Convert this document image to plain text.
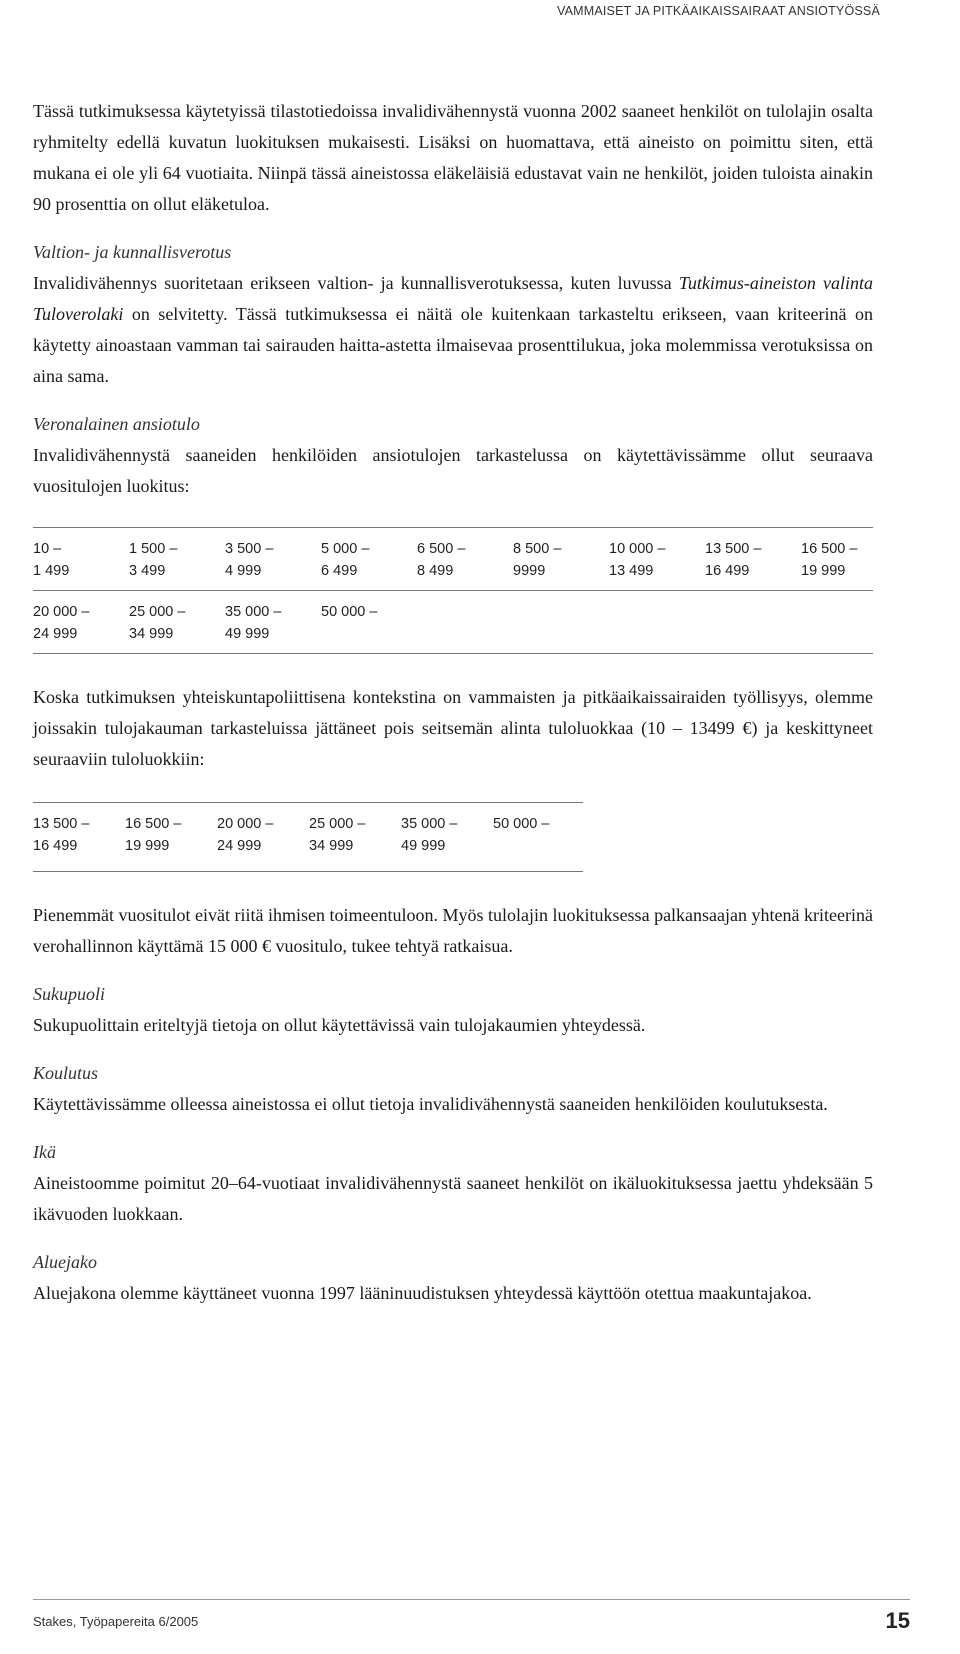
VAMMAISET JA PITKÄAIKAISSAIRAAT ANSIOTYÖSSÄ

Tässä tutkimuksessa käytetyissä tilastotiedoissa invalidivähennystä vuonna 2002 saaneet henkilöt on tulolajin osalta ryhmitelty edellä kuvatun luokituksen mukaisesti. Lisäksi on huomattava, että aineisto on poimittu siten, että mukana ei ole yli 64 vuotiaita. Niinpä tässä aineistossa eläkeläisiä edustavat vain ne henkilöt, joiden tuloista ainakin 90 prosenttia on ollut eläketuloa.

Valtion- ja kunnallisverotus

Invalidivähennys suoritetaan erikseen valtion- ja kunnallisverotuksessa, kuten luvussa Tutkimus-aineiston valinta Tuloverolaki on selvitetty. Tässä tutkimuksessa ei näitä ole kuitenkaan tarkasteltu erikseen, vaan kriteerinä on käytetty ainoastaan vamman tai sairauden haitta-astetta ilmaisevaa prosenttilukua, joka molemmissa verotuksissa on aina sama.

Veronalainen ansiotulo

Invalidivähennystä saaneiden henkilöiden ansiotulojen tarkastelussa on käytettävissämme ollut seuraava vuositulojen luokitus:

10 –
1 499
1 500 –
3 499
3 500 –
4 999
5 000 –
6 499
6 500 –
8 499
8 500 –
9999
10 000 –
13 499
13 500 –
16 499
16 500 –
19 999
20 000 –
24 999
25 000 –
34 999
35 000 –
49 999
50 000 –

Koska tutkimuksen yhteiskuntapoliittisena kontekstina on vammaisten ja pitkäaikaissairaiden työllisyys, olemme joissakin tulojakauman tarkasteluissa jättäneet pois seitsemän alinta tuloluokkaa (10 – 13499 €) ja keskittyneet seuraaviin tuloluokkiin:

13 500 –
16 499
16 500 –
19 999
20 000 –
24 999
25 000 –
34 999
35 000 –
49 999
50 000 –

Pienemmät vuositulot eivät riitä ihmisen toimeentuloon. Myös tulolajin luokituksessa palkansaajan yhtenä kriteerinä verohallinnon käyttämä 15 000 € vuositulo, tukee tehtyä ratkaisua.

Sukupuoli

Sukupuolittain eriteltyjä tietoja on ollut käytettävissä vain tulojakaumien yhteydessä.

Koulutus

Käytettävissämme olleessa aineistossa ei ollut tietoja invalidivähennystä saaneiden henkilöiden koulutuksesta.

Ikä

Aineistoomme poimitut 20–64-vuotiaat invalidivähennystä saaneet henkilöt on ikäluokituksessa jaettu yhdeksään 5 ikävuoden luokkaan.

Aluejako

Aluejakona olemme käyttäneet vuonna 1997 lääninuudistuksen yhteydessä käyttöön otettua maakuntajakoa.

Stakes, Työpapereita 6/2005	15
